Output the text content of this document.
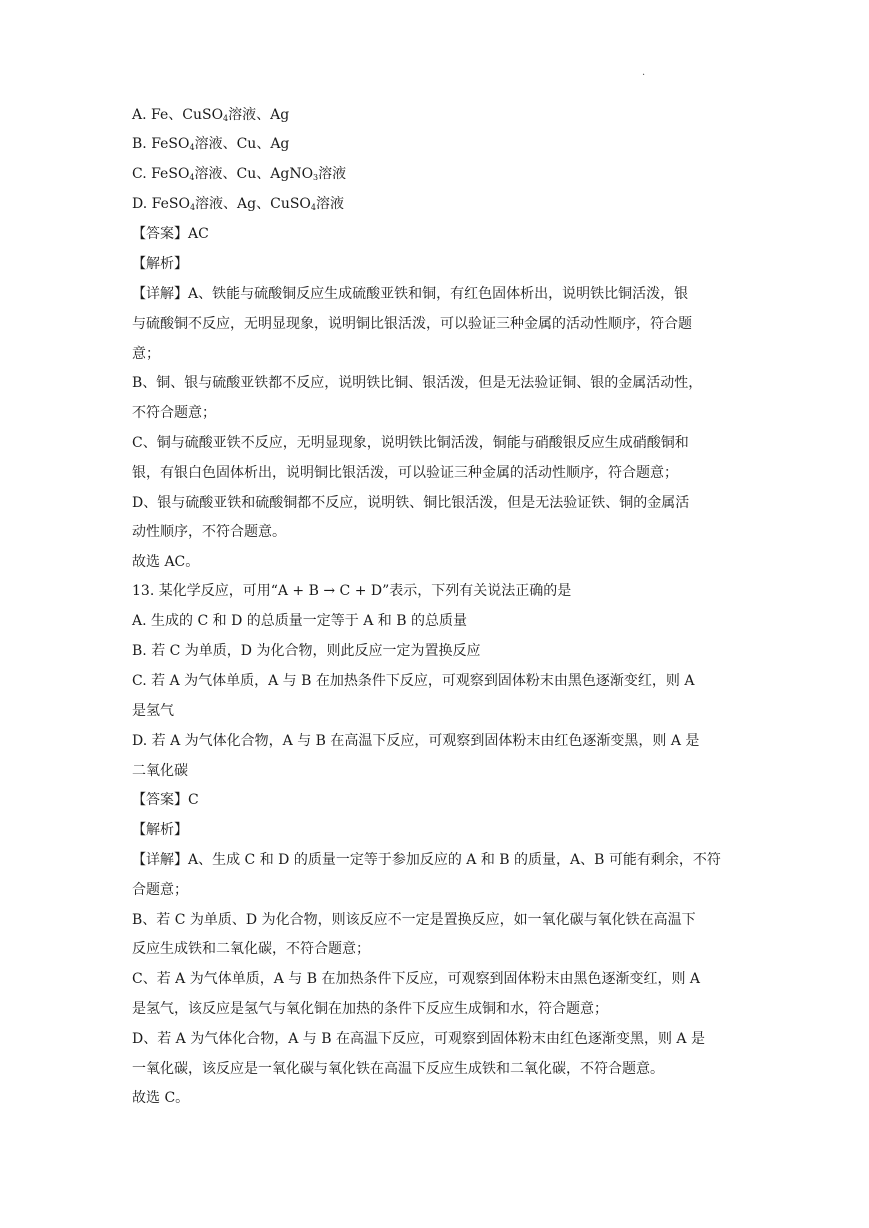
·
A. Fe、CuSO$_4$溶液、Ag
B. FeSO$_4$溶液、Cu、Ag
C. FeSO$_4$溶液、Cu、AgNO$_3$溶液
D. FeSO$_4$溶液、Ag、CuSO$_4$溶液
【答案】AC
【解析】
【详解】A、铁能与硫酸铜反应生成硫酸亚铁和铜，有红色固体析出，说明铁比铜活泼，银
与硫酸铜不反应，无明显现象，说明铜比银活泼，可以验证三种金属的活动性顺序，符合题
意；
B、铜、银与硫酸亚铁都不反应，说明铁比铜、银活泼，但是无法验证铜、银的金属活动性，
不符合题意；
C、铜与硫酸亚铁不反应，无明显现象，说明铁比铜活泼，铜能与硝酸银反应生成硝酸铜和
银，有银白色固体析出，说明铜比银活泼，可以验证三种金属的活动性顺序，符合题意；
D、银与硫酸亚铁和硫酸铜都不反应，说明铁、铜比银活泼，但是无法验证铁、铜的金属活
动性顺序，不符合题意。
故选 AC。
13. 某化学反应，可用“A + B → C + D”表示，下列有关说法正确的是
A. 生成的 C 和 D 的总质量一定等于 A 和 B 的总质量
B. 若 C 为单质，D 为化合物，则此反应一定为置换反应
C. 若 A 为气体单质，A 与 B 在加热条件下反应，可观察到固体粉末由黑色逐渐变红，则 A
是氢气
D. 若 A 为气体化合物，A 与 B 在高温下反应，可观察到固体粉末由红色逐渐变黑，则 A 是
二氧化碳
【答案】C
【解析】
【详解】A、生成 C 和 D 的质量一定等于参加反应的 A 和 B 的质量，A、B 可能有剩余，不符
合题意；
B、若 C 为单质、D 为化合物，则该反应不一定是置换反应，如一氧化碳与氧化铁在高温下
反应生成铁和二氧化碳，不符合题意；
C、若 A 为气体单质，A 与 B 在加热条件下反应，可观察到固体粉末由黑色逐渐变红，则 A
是氢气，该反应是氢气与氧化铜在加热的条件下反应生成铜和水，符合题意；
D、若 A 为气体化合物，A 与 B 在高温下反应，可观察到固体粉末由红色逐渐变黑，则 A 是
一氧化碳，该反应是一氧化碳与氧化铁在高温下反应生成铁和二氧化碳，不符合题意。
故选 C。
